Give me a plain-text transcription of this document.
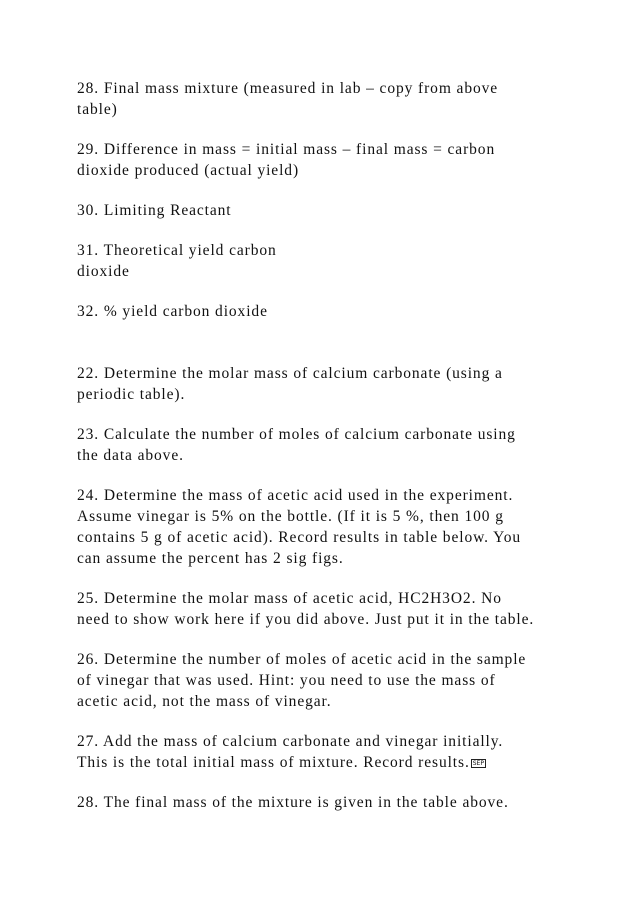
28. Final mass mixture (measured in lab – copy from above
table)
29. Difference in mass = initial mass – final mass = carbon
dioxide produced (actual yield)
30. Limiting Reactant
31. Theoretical yield carbon
dioxide
32. % yield carbon dioxide
22. Determine the molar mass of calcium carbonate (using a
periodic table).
23. Calculate the number of moles of calcium carbonate using
the data above.
24. Determine the mass of acetic acid used in the experiment.
Assume vinegar is 5% on the bottle. (If it is 5 %, then 100 g
contains 5 g of acetic acid). Record results in table below. You
can assume the percent has 2 sig figs.
25. Determine the molar mass of acetic acid, HC2H3O2. No
need to show work here if you did above. Just put it in the table.
26. Determine the number of moles of acetic acid in the sample
of vinegar that was used. Hint: you need to use the mass of
acetic acid, not the mass of vinegar.
27. Add the mass of calcium carbonate and vinegar initially.
This is the total initial mass of mixture. Record results. SEP
28. The final mass of the mixture is given in the table above.
